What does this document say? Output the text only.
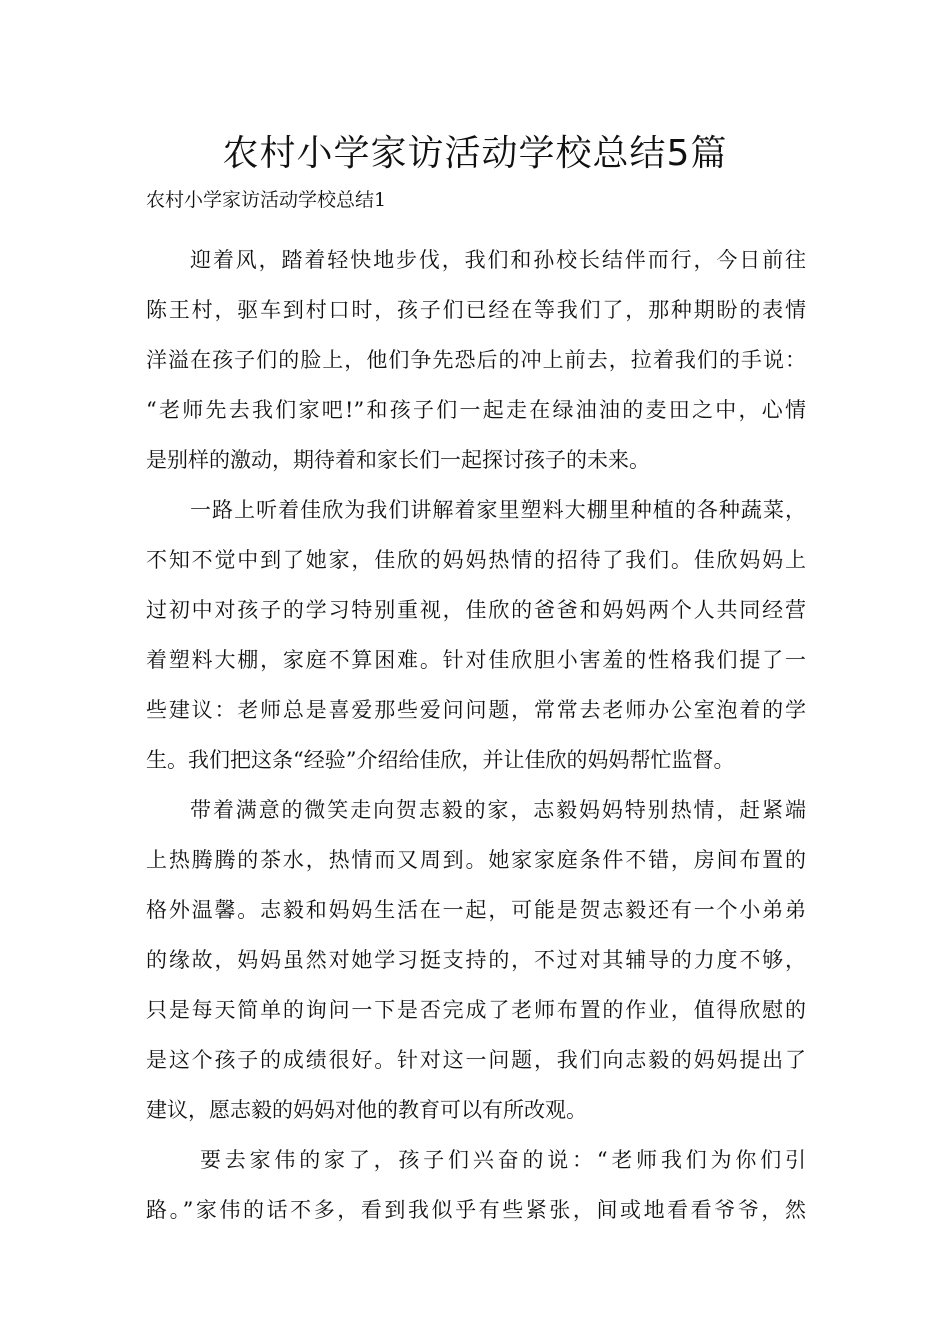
农村小学家访活动学校总结5篇

农村小学家访活动学校总结1

迎着风，踏着轻快地步伐，我们和孙校长结伴而行，今日前往
陈王村，驱车到村口时，孩子们已经在等我们了，那种期盼的表情
洋溢在孩子们的脸上，他们争先恐后的冲上前去，拉着我们的手说：
“老师先去我们家吧!”和孩子们一起走在绿油油的麦田之中，心情
是别样的激动，期待着和家长们一起探讨孩子的未来。
一路上听着佳欣为我们讲解着家里塑料大棚里种植的各种蔬菜，
不知不觉中到了她家，佳欣的妈妈热情的招待了我们。佳欣妈妈上
过初中对孩子的学习特别重视，佳欣的爸爸和妈妈两个人共同经营
着塑料大棚，家庭不算困难。针对佳欣胆小害羞的性格我们提了一
些建议：老师总是喜爱那些爱问问题，常常去老师办公室泡着的学
生。我们把这条“经验”介绍给佳欣，并让佳欣的妈妈帮忙监督。
带着满意的微笑走向贺志毅的家，志毅妈妈特别热情，赶紧端
上热腾腾的茶水，热情而又周到。她家家庭条件不错，房间布置的
格外温馨。志毅和妈妈生活在一起，可能是贺志毅还有一个小弟弟
的缘故，妈妈虽然对她学习挺支持的，不过对其辅导的力度不够，
只是每天简单的询问一下是否完成了老师布置的作业，值得欣慰的
是这个孩子的成绩很好。针对这一问题，我们向志毅的妈妈提出了
建议，愿志毅的妈妈对他的教育可以有所改观。
要去家伟的家了，孩子们兴奋的说：“老师我们为你们引
路。”家伟的话不多，看到我似乎有些紧张，间或地看看爷爷，然
